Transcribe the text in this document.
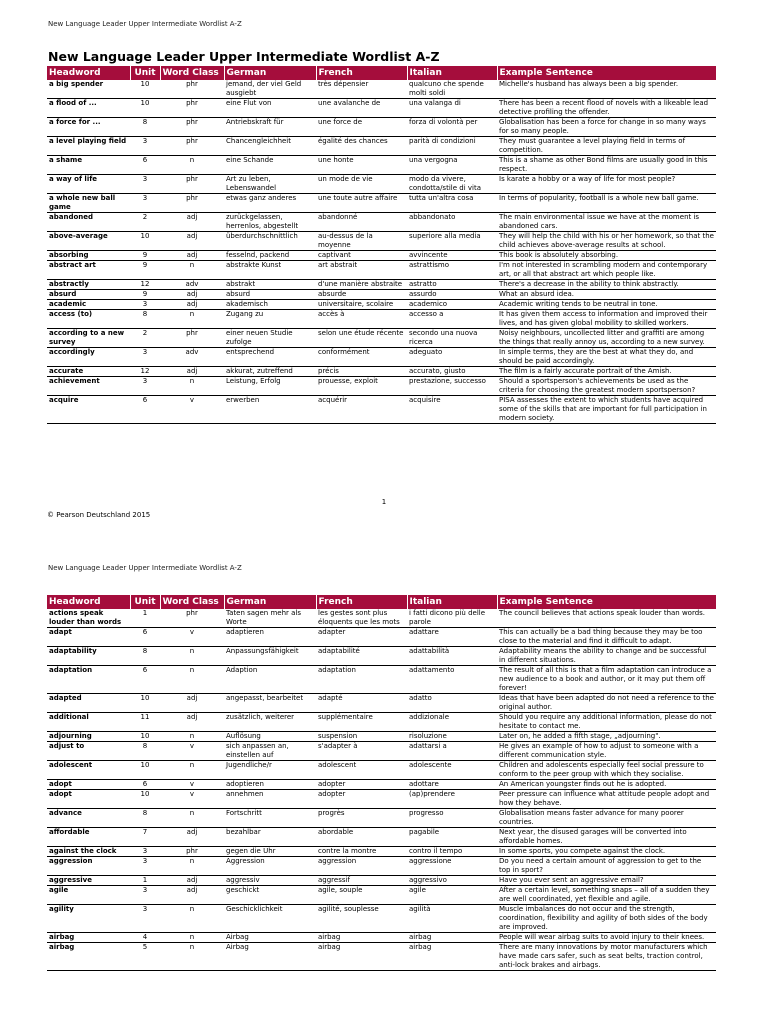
New Language Leader Upper Intermediate Wordlist A-Z
New Language Leader Upper Intermediate Wordlist A-Z
Headword	Unit	Word Class	German	French	Italian	Example Sentence
a big spender	10	phr	jemand, der viel Geld ausgiebt	très dépensier	qualcuno che spende molti soldi	Michelle's husband has always been a big spender.
a flood of ...	10	phr	eine Flut von	une avalanche de	una valanga di	There has been a recent flood of novels with a likeable lead detective profiling the offender.
a force for ...	8	phr	Antriebskraft für	une force de	forza di volontà per	Globalisation has been a force for change in so many ways for so many people.
a level playing field	3	phr	Chancengleichheit	égalité des chances	parità di condizioni	They must guarantee a level playing field in terms of competition.
a shame	6	n	eine Schande	une honte	una vergogna	This is a shame as other Bond films are usually good in this respect.
a way of life	3	phr	Art zu leben, Lebenswandel	un mode de vie	modo da vivere, condotta/stile di vita	Is karate a hobby or a way of life for most people?
a whole new ball game	3	phr	etwas ganz anderes	une toute autre affaire	tutta un'altra cosa	In terms of popularity, football is a whole new ball game.
abandoned	2	adj	zurückgelassen, herrenlos, abgestellt	abandonné	abbandonato	The main environmental issue we have at the moment is abandoned cars.
above-average	10	adj	überdurchschnittlich	au-dessus de la moyenne	superiore alla media	They will help the child with his or her homework, so that the child achieves above-average results at school.
absorbing	9	adj	fesselnd, packend	captivant	avvincente	This book is absolutely absorbing.
abstract art	9	n	abstrakte Kunst	art abstrait	astrattismo	I'm not interested in scrambling modern and contemporary art, or all that abstract art which people like.
abstractly	12	adv	abstrakt	d'une manière abstraite	astratto	There's a decrease in the ability to think abstractly.
absurd	9	adj	absurd	absurde	assurdo	What an absurd idea.
academic	3	adj	akademisch	universitaire, scolaire	academico	Academic writing tends to be neutral in tone.
access (to)	8	n	Zugang zu	accès à	accesso a	It has given them access to information and improved their lives, and has given global mobility to skilled workers.
according to a new survey	2	phr	einer neuen Studie zufolge	selon une étude récente	secondo una nuova ricerca	Noisy neighbours, uncollected litter and graffiti are among the things that really annoy us, according to a new survey.
accordingly	3	adv	entsprechend	conformément	adeguato	In simple terms, they are the best at what they do, and should be paid accordingly.
accurate	12	adj	akkurat, zutreffend	précis	accurato, giusto	The film is a fairly accurate portrait of the Amish.
achievement	3	n	Leistung, Erfolg	prouesse, exploit	prestazione, successo	Should a sportsperson's achievements be used as the criteria for choosing the greatest modern sportsperson?
acquire	6	v	erwerben	acquérir	acquisire	PISA assesses the extent to which students have acquired some of the skills that are important for full participation in modern society.
1
© Pearson Deutschland 2015
New Language Leader Upper Intermediate Wordlist A-Z
Headword	Unit	Word Class	German	French	Italian	Example Sentence
actions speak louder than words	1	phr	Taten sagen mehr als Worte	les gestes sont plus éloquents que les mots	i fatti dicono più delle parole	The council believes that actions speak louder than words.
adapt	6	v	adaptieren	adapter	adattare	This can actually be a bad thing because they may be too close to the material and find it difficult to adapt.
adaptability	8	n	Anpassungsfähigkeit	adaptabilité	adattabilità	Adaptability means the ability to change and be successful in different situations.
adaptation	6	n	Adaption	adaptation	adattamento	The result of all this is that a film adaptation can introduce a new audience to a book and author, or it may put them off forever!
adapted	10	adj	angepasst, bearbeitet	adapté	adatto	Ideas that have been adapted do not need a reference to the original author.
additional	11	adj	zusätzlich, weiterer	supplémentaire	addizionale	Should you require any additional information, please do not hesitate to contact me.
adjourning	10	n	Auflösung	suspension	risoluzione	Later on, he added a fifth stage, „adjourning".
adjust to	8	v	sich anpassen an, einstellen auf	s'adapter à	adattarsi a	He gives an example of how to adjust to someone with a different communication style.
adolescent	10	n	Jugendliche/r	adolescent	adolescente	Children and adolescents especially feel social pressure to conform to the peer group with which they socialise.
adopt	6	v	adoptieren	adopter	adottare	An American youngster finds out he is adopted.
adopt	10	v	annehmen	adopter	(ap)prendere	Peer pressure can influence what attitude people adopt and how they behave.
advance	8	n	Fortschritt	progrès	progresso	Globalisation means faster advance for many poorer countries.
affordable	7	adj	bezahlbar	abordable	pagabile	Next year, the disused garages will be converted into affordable homes.
against the clock	3	phr	gegen die Uhr	contre la montre	contro il tempo	In some sports, you compete against the clock.
aggression	3	n	Aggression	aggression	aggressione	Do you need a certain amount of aggression to get to the top in sport?
aggressive	1	adj	aggressiv	aggressif	aggressivo	Have you ever sent an aggressive email?
agile	3	adj	geschickt	agile, souple	agile	After a certain level, something snaps – all of a sudden they are well coordinated, yet flexible and agile.
agility	3	n	Geschicklichkeit	agilité, souplesse	agilità	Muscle imbalances do not occur and the strength, coordination, flexibility and agility of both sides of the body are improved.
airbag	4	n	Airbag	airbag	airbag	People will wear airbag suits to avoid injury to their knees.
airbag	5	n	Airbag	airbag	airbag	There are many innovations by motor manufacturers which have made cars safer, such as seat belts, traction control, anti-lock brakes and airbags.
